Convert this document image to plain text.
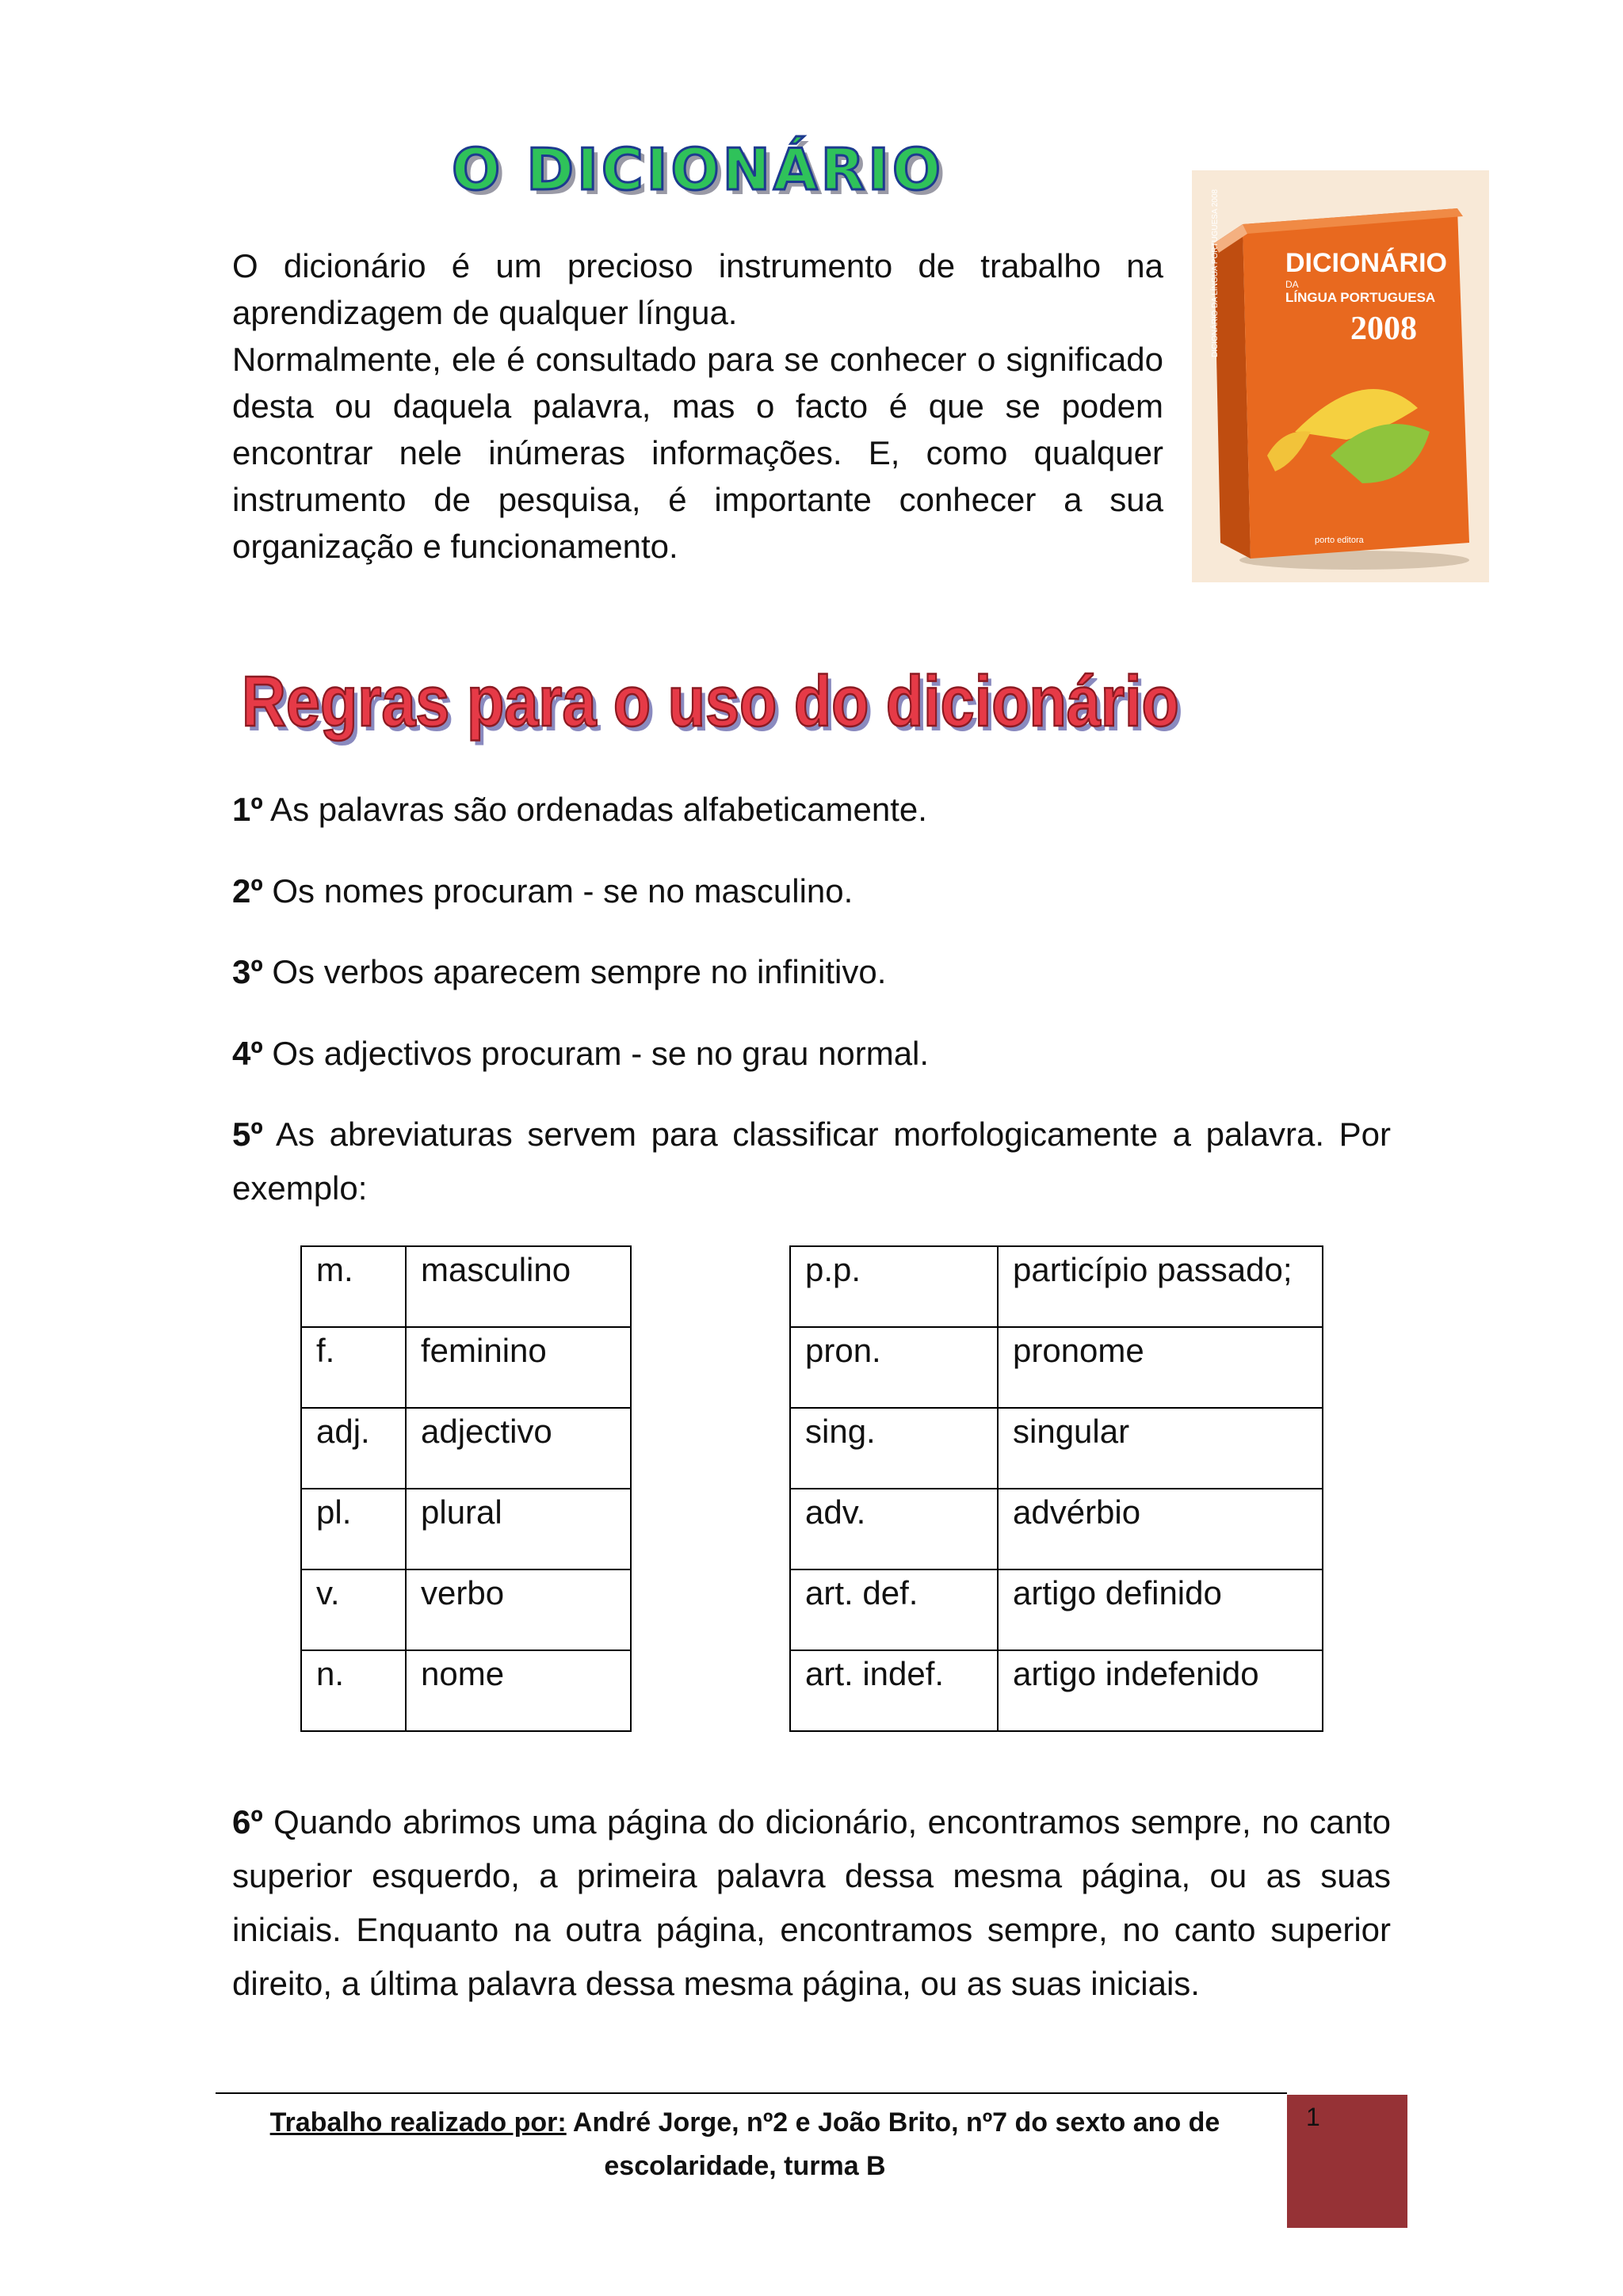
O DICIONÁRIO

O dicionário é um precioso instrumento de trabalho na aprendizagem de qualquer língua.

Normalmente, ele é consultado para se conhecer o significado desta ou daquela palavra, mas o facto é que se podem encontrar nele inúmeras informações. E, como qualquer instrumento de pesquisa, é importante conhecer a sua organização e funcionamento.

DICIONÁRIO DA LÍNGUA PORTUGUESA 2008 DICIONÁRIO
DA
LÍNGUA PORTUGUESA
2008
porto editora
Regras para o uso do dicionário

1º As palavras são ordenadas alfabeticamente.

2º Os nomes procuram - se no masculino.

3º Os verbos aparecem sempre no infinitivo.

4º Os adjectivos procuram - se no grau normal.

5º As abreviaturas servem para classificar morfologicamente a palavra. Por exemplo:

m.	masculino
f.	feminino
adj.	adjectivo
pl.	plural
v.	verbo
n.	nome
p.p.	particípio passado;
pron.	pronome
sing.	singular
adv.	advérbio
art. def.	artigo definido
art. indef.	artigo indefenido

6º Quando abrimos uma página do dicionário, encontramos sempre, no canto superior esquerdo, a primeira palavra dessa mesma página, ou as suas iniciais. Enquanto na outra página, encontramos sempre, no canto superior direito, a última palavra dessa mesma página, ou as suas iniciais.

Trabalho realizado por: André Jorge, nº2 e João Brito, nº7 do sexto ano de escolaridade, turma B
1
